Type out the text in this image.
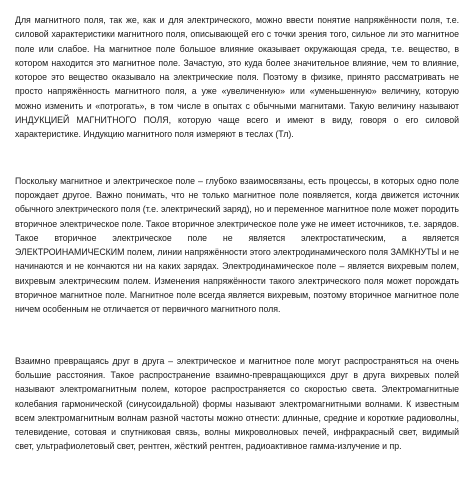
Для магнитного поля, так же, как и для электрического, можно ввести понятие напряжённости поля, т.е. силовой характеристики магнитного поля, описывающей его с точки зрения того, сильное ли это магнитное поле или слабое. На магнитное поле большое влияние оказывает окружающая среда, т.е. вещество, в котором находится это магнитное поле. Зачастую, это куда более значительное влияние, чем то влияние, которое это вещество оказывало на электрические поля. Поэтому в физике, принято рассматривать не просто напряжённость магнитного поля, а уже «увеличенную» или «уменьшенную» величину, которую можно изменить и «потрогать», в том числе в опытах с обычными магнитами. Такую величину называют ИНДУКЦИЕЙ МАГНИТНОГО ПОЛЯ, которую чаще всего и имеют в виду, говоря о его силовой характеристике. Индукцию магнитного поля измеряют в теслах (Тл).

Поскольку магнитное и электрическое поле – глубоко взаимосвязаны, есть процессы, в которых одно поле порождает другое. Важно понимать, что не только магнитное поле появляется, когда движется источник обычного электрического поля (т.е. электрический заряд), но и переменное магнитное поле может породить вторичное электрическое поле. Такое вторичное электрическое поле уже не имеет источников, т.е. зарядов. Такое вторичное электрическое поле не является электростатическим, а является ЭЛЕКТРОИНАМИЧЕСКИМ полем, линии напряжённости этого электродинамического поля ЗАМКНУТЫ и не начинаются и не кончаются ни на каких зарядах. Электродинамическое поле – является вихревым полем, вихревым электрическим полем. Изменения напряжённости такого электрического поля может порождать вторичное магнитное поле. Магнитное поле всегда является вихревым, поэтому вторичное магнитное поле ничем особенным не отличается от первичного магнитного поля.

Взаимно превращаясь друг в друга – электрическое и магнитное поле могут распространяться на очень большие расстояния. Такое распространение взаимно-превращающихся друг в друга вихревых полей называют электромагнитным полем, которое распространяется со скоростью света. Электромагнитные колебания гармонической (синусоидальной) формы называют электромагнитными волнами. К известным всем электромагнитным волнам разной частоты можно отнести: длинные, средние и короткие радиоволны, телевидение, сотовая и спутниковая связь, волны микроволновых печей, инфракрасный свет, видимый свет, ультрафиолетовый свет, рентген, жёсткий рентген, радиоактивное гамма-излучение и пр.
